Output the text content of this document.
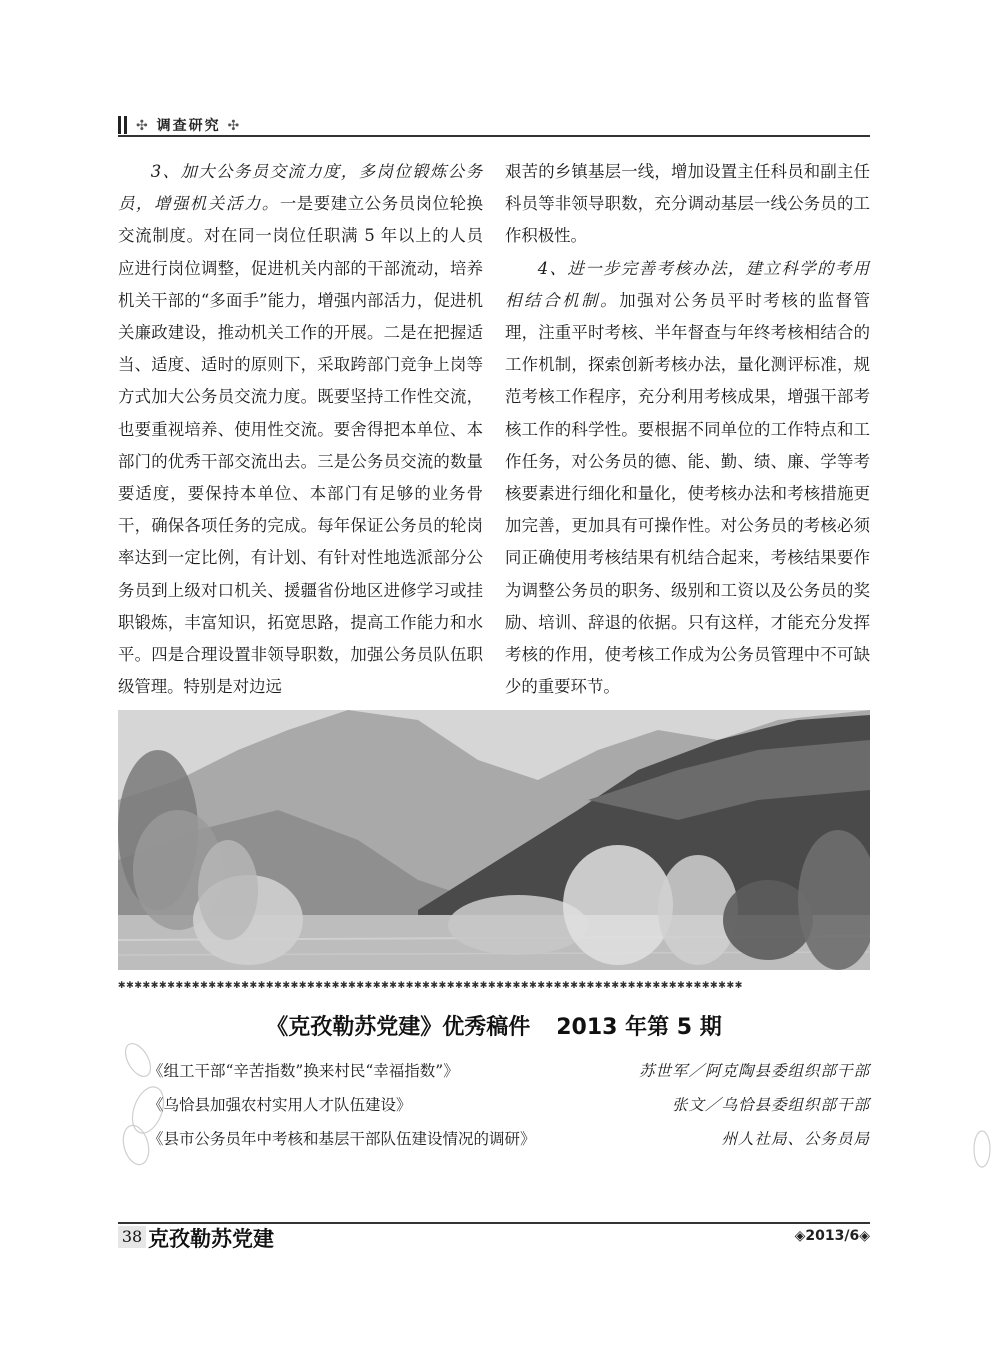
✣ 调查研究 ✣

3、加大公务员交流力度，多岗位锻炼公务员，增强机关活力。一是要建立公务员岗位轮换交流制度。对在同一岗位任职满 5 年以上的人员应进行岗位调整，促进机关内部的干部流动，培养机关干部的“多面手”能力，增强内部活力，促进机关廉政建设，推动机关工作的开展。二是在把握适当、适度、适时的原则下，采取跨部门竞争上岗等方式加大公务员交流力度。既要坚持工作性交流，也要重视培养、使用性交流。要舍得把本单位、本部门的优秀干部交流出去。三是公务员交流的数量要适度，要保持本单位、本部门有足够的业务骨干，确保各项任务的完成。每年保证公务员的轮岗率达到一定比例，有计划、有针对性地选派部分公务员到上级对口机关、援疆省份地区进修学习或挂职锻炼，丰富知识，拓宽思路，提高工作能力和水平。四是合理设置非领导职数，加强公务员队伍职级管理。特别是对边远

艰苦的乡镇基层一线，增加设置主任科员和副主任科员等非领导职数，充分调动基层一线公务员的工作积极性。

4、进一步完善考核办法，建立科学的考用相结合机制。加强对公务员平时考核的监督管理，注重平时考核、半年督查与年终考核相结合的工作机制，探索创新考核办法，量化测评标准，规范考核工作程序，充分利用考核成果，增强干部考核工作的科学性。要根据不同单位的工作特点和工作任务，对公务员的德、能、勤、绩、廉、学等考核要素进行细化和量化，使考核办法和考核措施更加完善，更加具有可操作性。对公务员的考核必须同正确使用考核结果有机结合起来，考核结果要作为调整公务员的职务、级别和工资以及公务员的奖励、培训、辞退的依据。只有这样，才能充分发挥考核的作用，使考核工作成为公务员管理中不可缺少的重要环节。

✱✱✱✱✱✱✱✱✱✱✱✱✱✱✱✱✱✱✱✱✱✱✱✱✱✱✱✱✱✱✱✱✱✱✱✱✱✱✱✱✱✱✱✱✱✱✱✱✱✱✱✱✱✱✱✱✱✱✱✱✱✱✱✱✱✱✱✱✱✱✱✱✱✱✱✱
《克孜勒苏党建》优秀稿件 2013 年第 5 期
《组工干部“辛苦指数”换来村民“幸福指数”》	苏世军／阿克陶县委组织部干部
《乌恰县加强农村实用人才队伍建设》	张文／乌恰县委组织部干部
《县市公务员年中考核和基层干部队伍建设情况的调研》	州人社局、公务员局
38 克孜勒苏党建	◈2013/6◈
